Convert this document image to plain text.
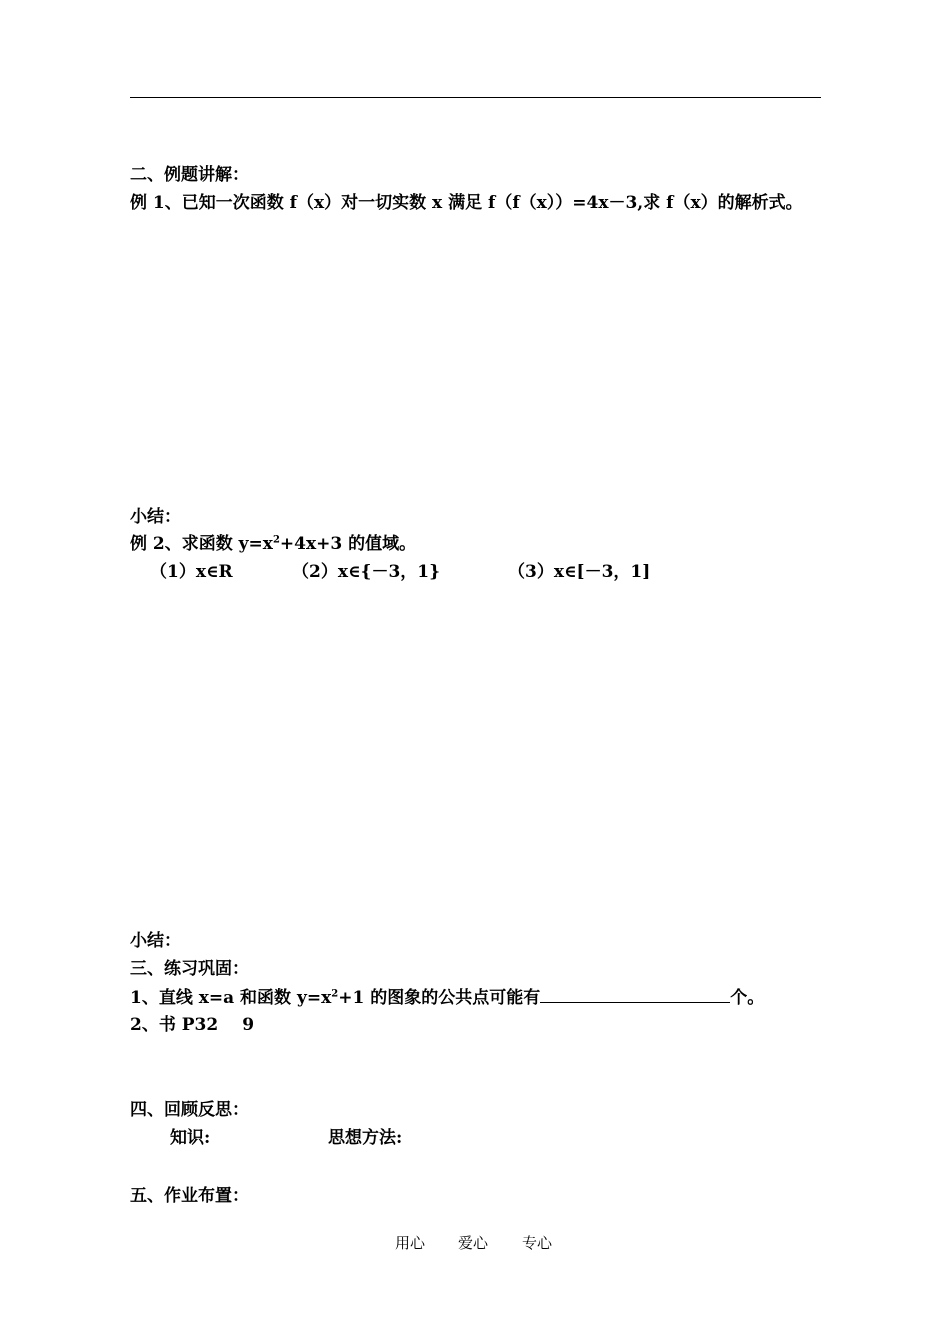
二、例题讲解：
例 1、已知一次函数 f（x）对一切实数 x 满足 f（f（x））=4x－3,求 f（x）的解析式。
小结：
例 2、求函数 $y=x^2+4x+3$ 的值域。
（1）x∈R	（2）x∈{－3，1}	（3）x∈[－3，1]
小结：
三、练习巩固：
1、直线 x=a 和函数 $y=x^2+1$ 的图象的公共点可能有	个。
2、书 P32 9
四、回顾反思：
知识:	思想方法:
五、作业布置：
用心 爱心 专心
